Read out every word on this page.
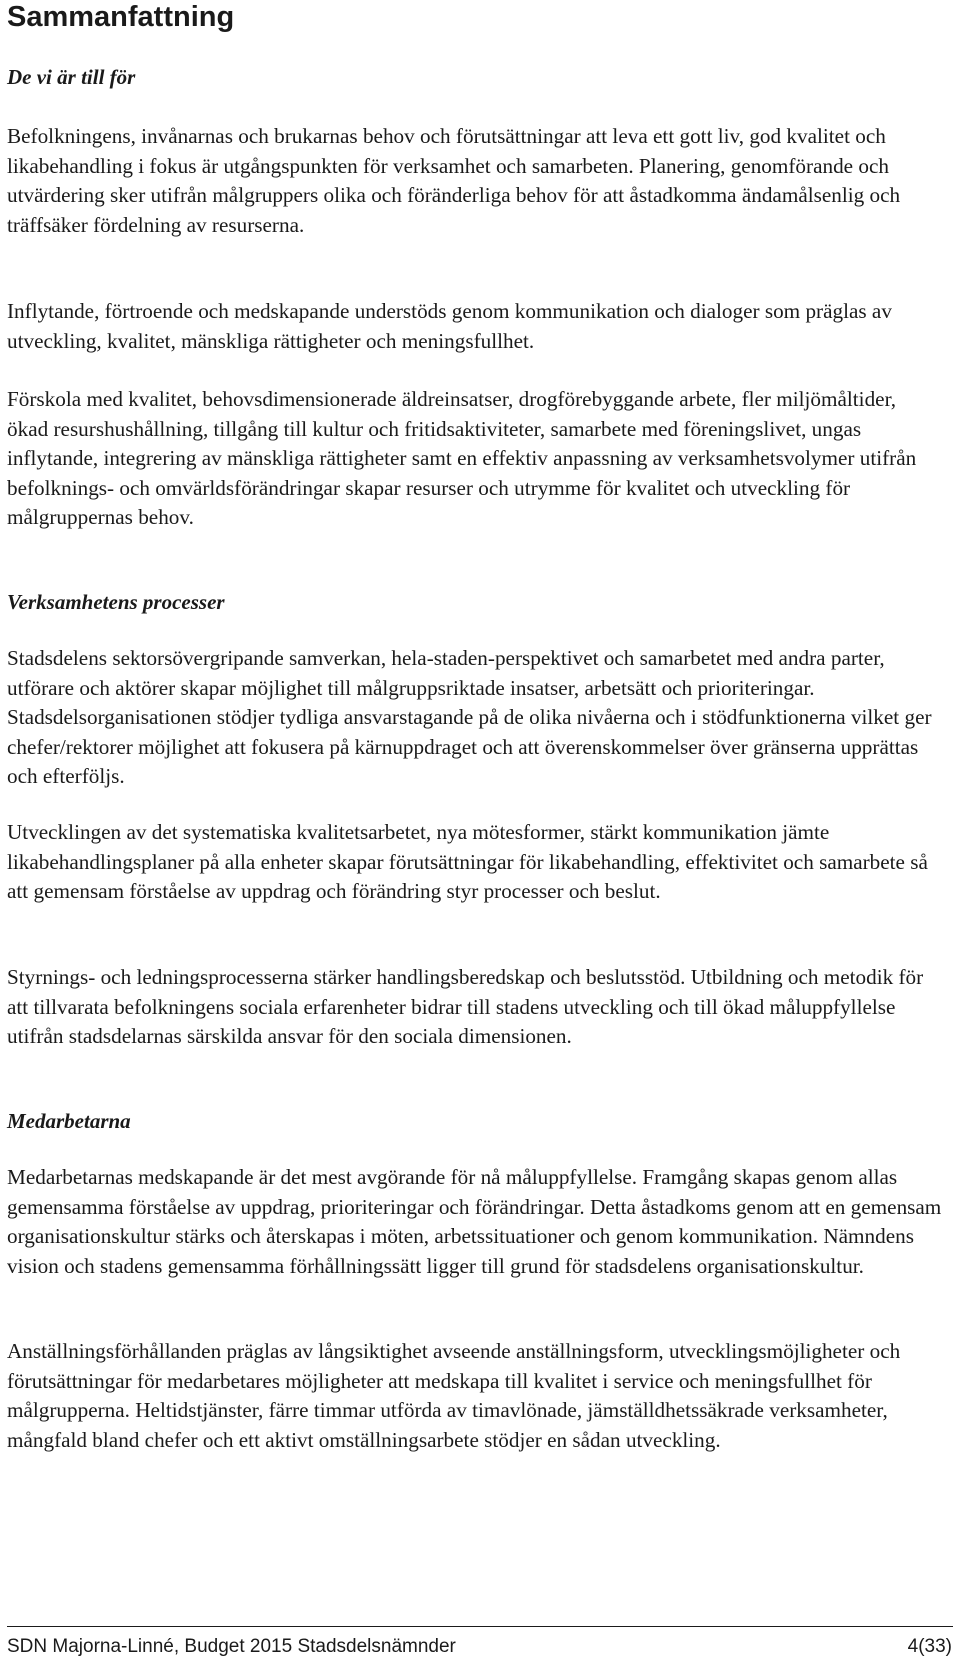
Sammanfattning
De vi är till för

Befolkningens, invånarnas och brukarnas behov och förutsättningar att leva ett gott liv, god kvalitet och likabehandling i fokus är utgångspunkten för verksamhet och samarbeten. Planering, genomförande och utvärdering sker utifrån målgruppers olika och föränderliga behov för att åstadkomma ändamålsenlig och träffsäker fördelning av resurserna.

Inflytande, förtroende och medskapande understöds genom kommunikation och dialoger som präglas av utveckling, kvalitet, mänskliga rättigheter och meningsfullhet.

Förskola med kvalitet, behovsdimensionerade äldreinsatser, drogförebyggande arbete, fler miljömåltider, ökad resurshushållning, tillgång till kultur och fritidsaktiviteter, samarbete med föreningslivet, ungas inflytande, integrering av mänskliga rättigheter samt en effektiv anpassning av verksamhetsvolymer utifrån befolknings- och omvärldsförändringar skapar resurser och utrymme för kvalitet och utveckling för målgruppernas behov.

Verksamhetens processer

Stadsdelens sektorsövergripande samverkan, hela-staden-perspektivet och samarbetet med andra parter, utförare och aktörer skapar möjlighet till målgruppsriktade insatser, arbetsätt och prioriteringar. Stadsdelsorganisationen stödjer tydliga ansvarstagande på de olika nivåerna och i stödfunktionerna vilket ger chefer/rektorer möjlighet att fokusera på kärnuppdraget och att överenskommelser över gränserna upprättas och efterföljs.

Utvecklingen av det systematiska kvalitetsarbetet, nya mötesformer, stärkt kommunikation jämte likabehandlingsplaner på alla enheter skapar förutsättningar för likabehandling, effektivitet och samarbete så att gemensam förståelse av uppdrag och förändring styr processer och beslut.

Styrnings- och ledningsprocesserna stärker handlingsberedskap och beslutsstöd. Utbildning och metodik för att tillvarata befolkningens sociala erfarenheter bidrar till stadens utveckling och till ökad måluppfyllelse utifrån stadsdelarnas särskilda ansvar för den sociala dimensionen.

Medarbetarna

Medarbetarnas medskapande är det mest avgörande för nå måluppfyllelse. Framgång skapas genom allas gemensamma förståelse av uppdrag, prioriteringar och förändringar. Detta åstadkoms genom att en gemensam organisationskultur stärks och återskapas i möten, arbetssituationer och genom kommunikation. Nämndens vision och stadens gemensamma förhållningssätt ligger till grund för stadsdelens organisationskultur.

Anställningsförhållanden präglas av långsiktighet avseende anställningsform, utvecklingsmöjligheter och förutsättningar för medarbetares möjligheter att medskapa till kvalitet i service och meningsfullhet för målgrupperna. Heltidstjänster, färre timmar utförda av timavlönade, jämställdhetssäkrade verksamheter, mångfald bland chefer och ett aktivt omställningsarbete stödjer en sådan utveckling.

SDN Majorna-Linné, Budget 2015 Stadsdelsnämnder	4(33)
